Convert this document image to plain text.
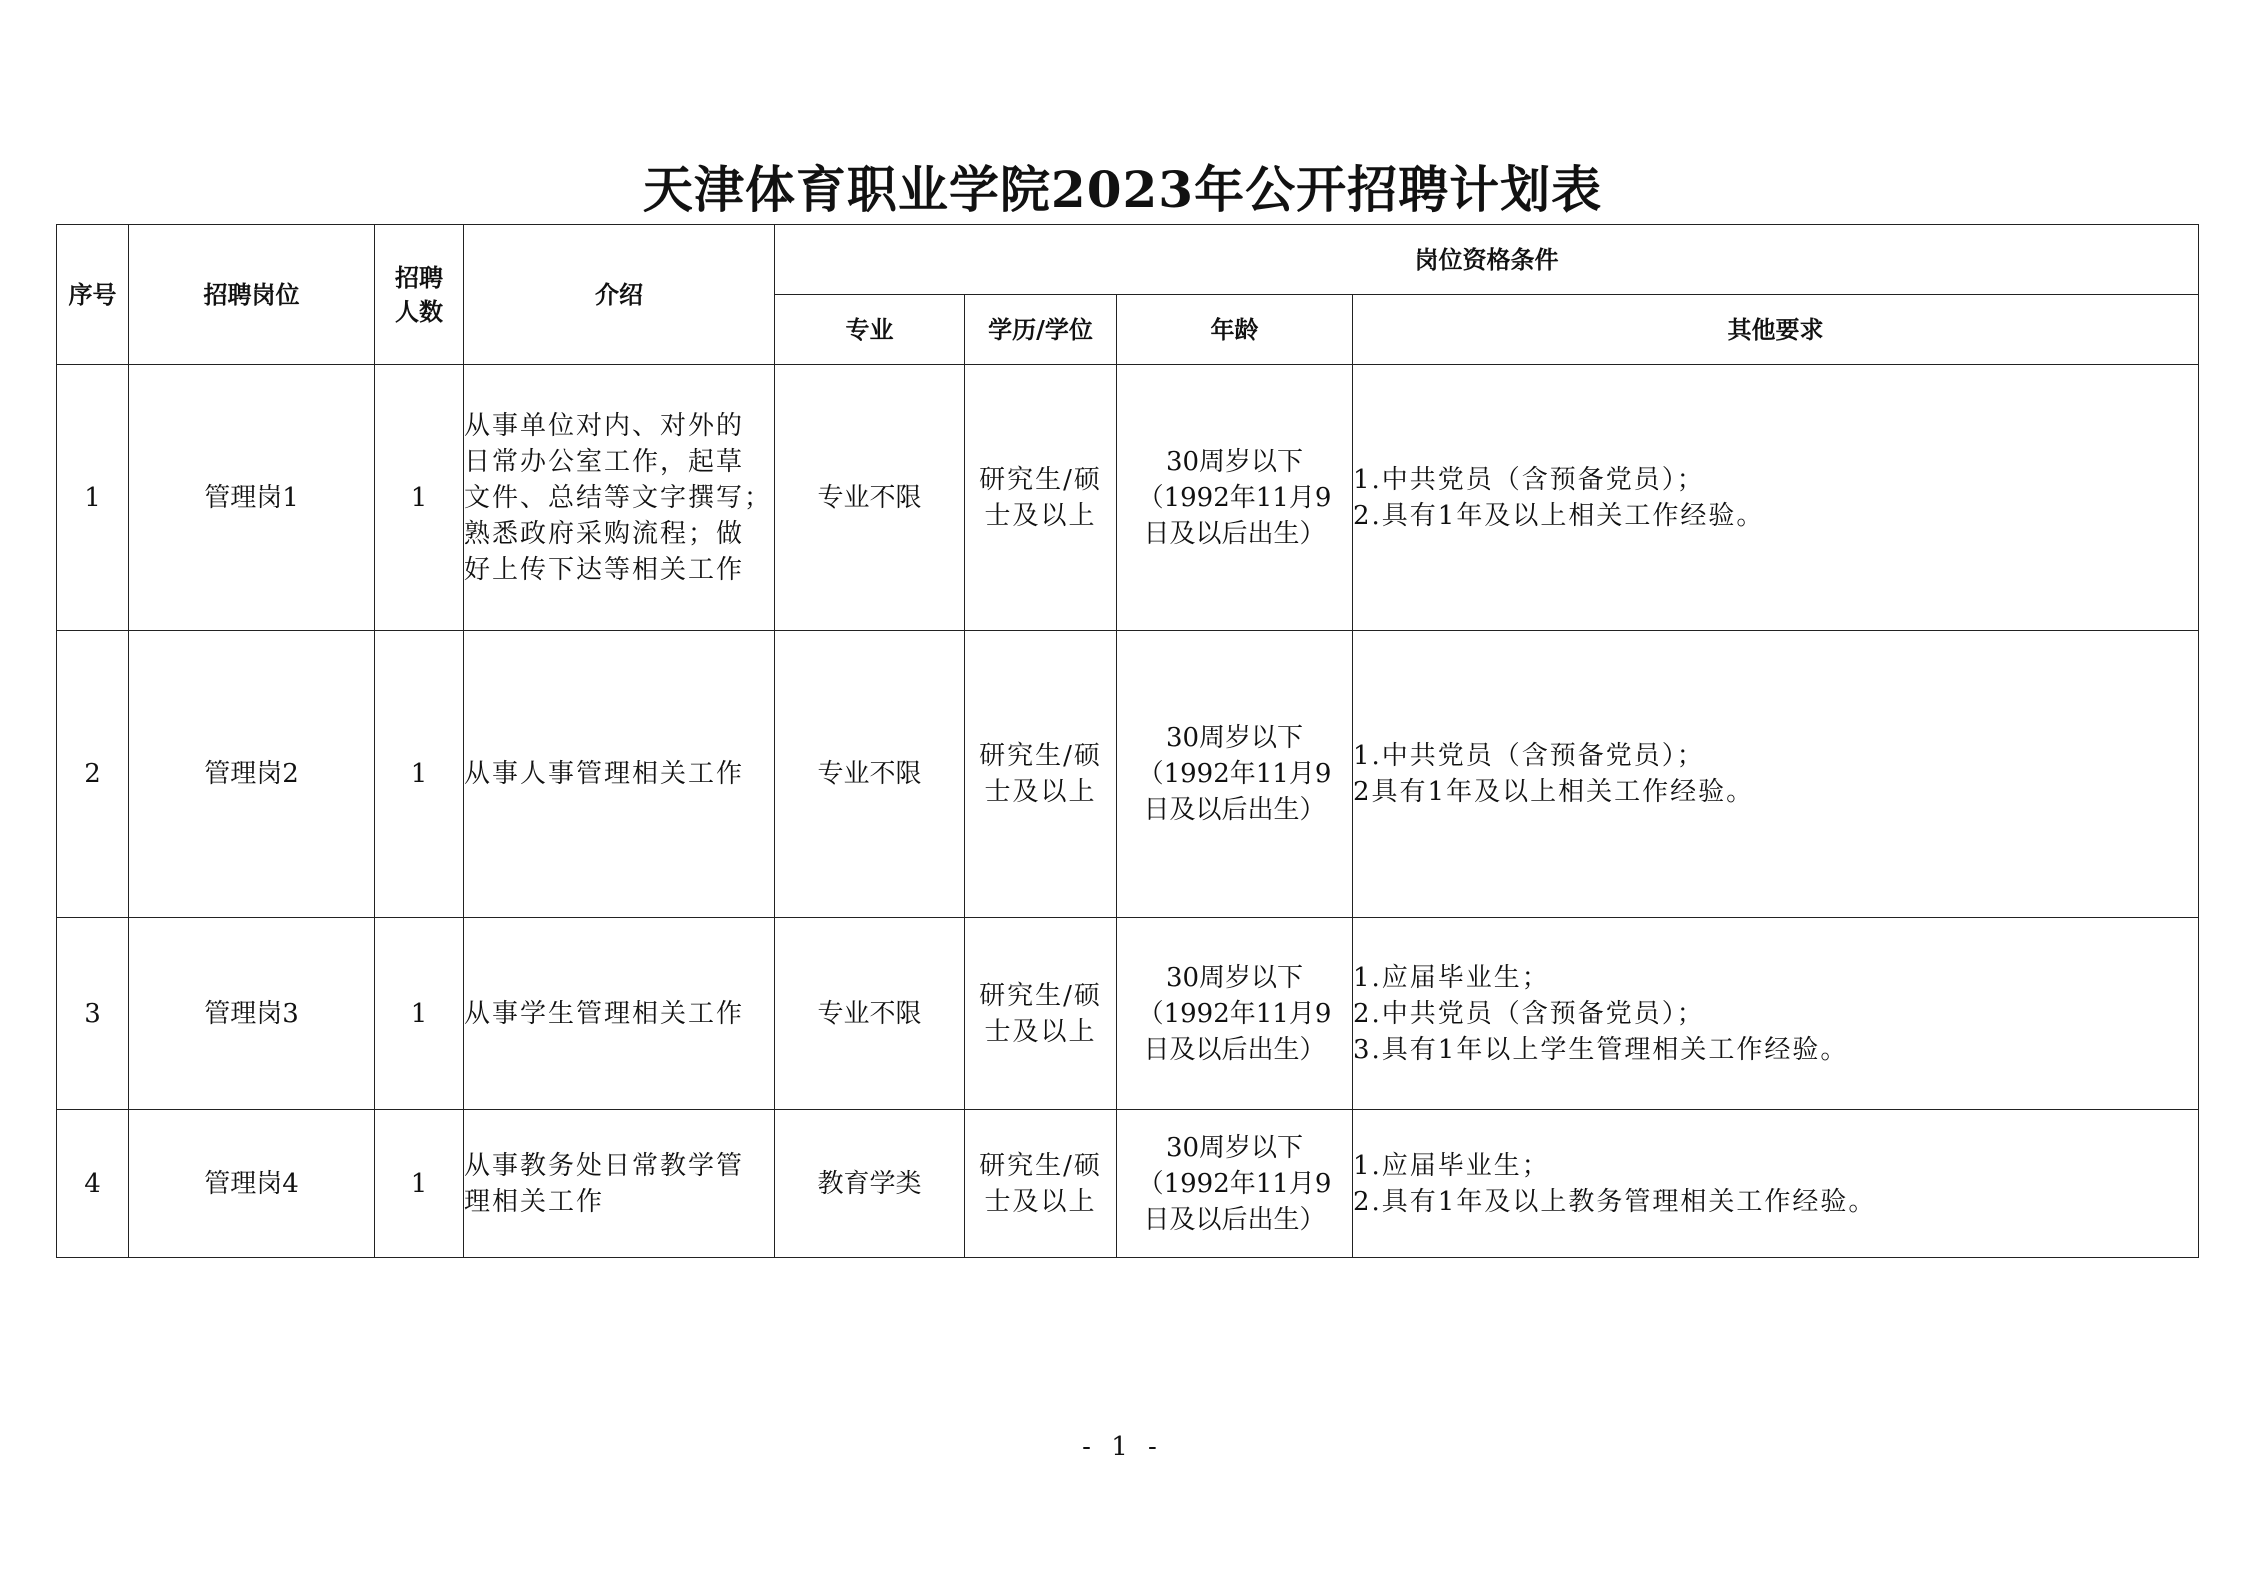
天津体育职业学院2023年公开招聘计划表
序号	招聘岗位	招聘
人数	介绍	岗位资格条件			
				专业	学历/学位	年龄	其他要求
1	管理岗1	1	从事单位对内、对外的
日常办公室工作，起草
文件、总结等文字撰写；
熟悉政府采购流程；做
好上传下达等相关工作	专业不限	研究生/硕
士及以上	30周岁以下
（1992年11月9
日及以后出生）	1.中共党员（含预备党员）；
2.具有1年及以上相关工作经验。

2	管理岗2	1	从事人事管理相关工作	专业不限	研究生/硕
士及以上	30周岁以下
（1992年11月9
日及以后出生）	1.中共党员（含预备党员）；
2具有1年及以上相关工作经验。

3	管理岗3	1	从事学生管理相关工作	专业不限	研究生/硕
士及以上	30周岁以下
（1992年11月9
日及以后出生）	1.应届毕业生；
2.中共党员（含预备党员）；
3.具有1年以上学生管理相关工作经验。

4	管理岗4	1	从事教务处日常教学管
理相关工作	教育学类	研究生/硕
士及以上	30周岁以下
（1992年11月9
日及以后出生）	1.应届毕业生；
2.具有1年及以上教务管理相关工作经验。
- 1 -
